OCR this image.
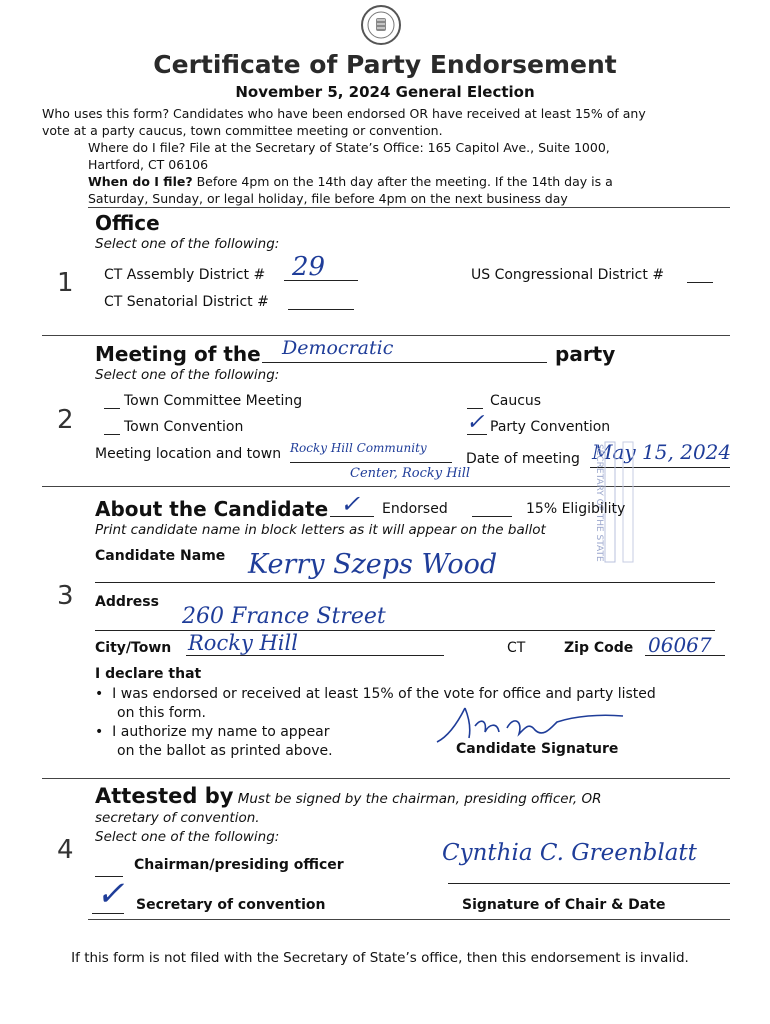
Certificate of Party Endorsement
November 5, 2024 General Election
Who uses this form? Candidates who have been endorsed OR have received at least 15% of any
vote at a party caucus, town committee meeting or convention.
Where do I file? File at the Secretary of State’s Office: 165 Capitol Ave., Suite 1000,
Hartford, CT 06106
When do I file? Before 4pm on the 14th day after the meeting. If the 14th day is a
Saturday, Sunday, or legal holiday, file before 4pm on the next business day
Office
Select one of the following:
1 CT Assembly District # 29	US Congressional District #
CT Senatorial District #
Meeting of the Democratic	party
Select one of the following:
Town Committee Meeting
2	Town Convention
Caucus
✓ Party Convention
Meeting location and town Rocky Hill Community
Center, Rocky Hill
Date of meeting May 15, 2024
SECRETARY OF THE STATE
About the Candidate ✓ Endorsed	15% Eligibility
Print candidate name in block letters as it will appear on the ballot
Candidate Name Kerry Szeps Wood
3 Address
260 France Street
City/Town Rocky Hill	CT	Zip Code 06067
I declare that
•  I was endorsed or received at least 15% of the vote for office and party listed
on this form.
•  I authorize my name to appear
on the ballot as printed above.	Candidate Signature
Attested by Must be signed by the chairman, presiding officer, OR
secretary of convention.
Select one of the following:
4	Chairman/presiding officer
✓ Secretary of convention
Cynthia C. Greenblatt
Signature of Chair & Date
If this form is not filed with the Secretary of State’s office, then this endorsement is invalid.
